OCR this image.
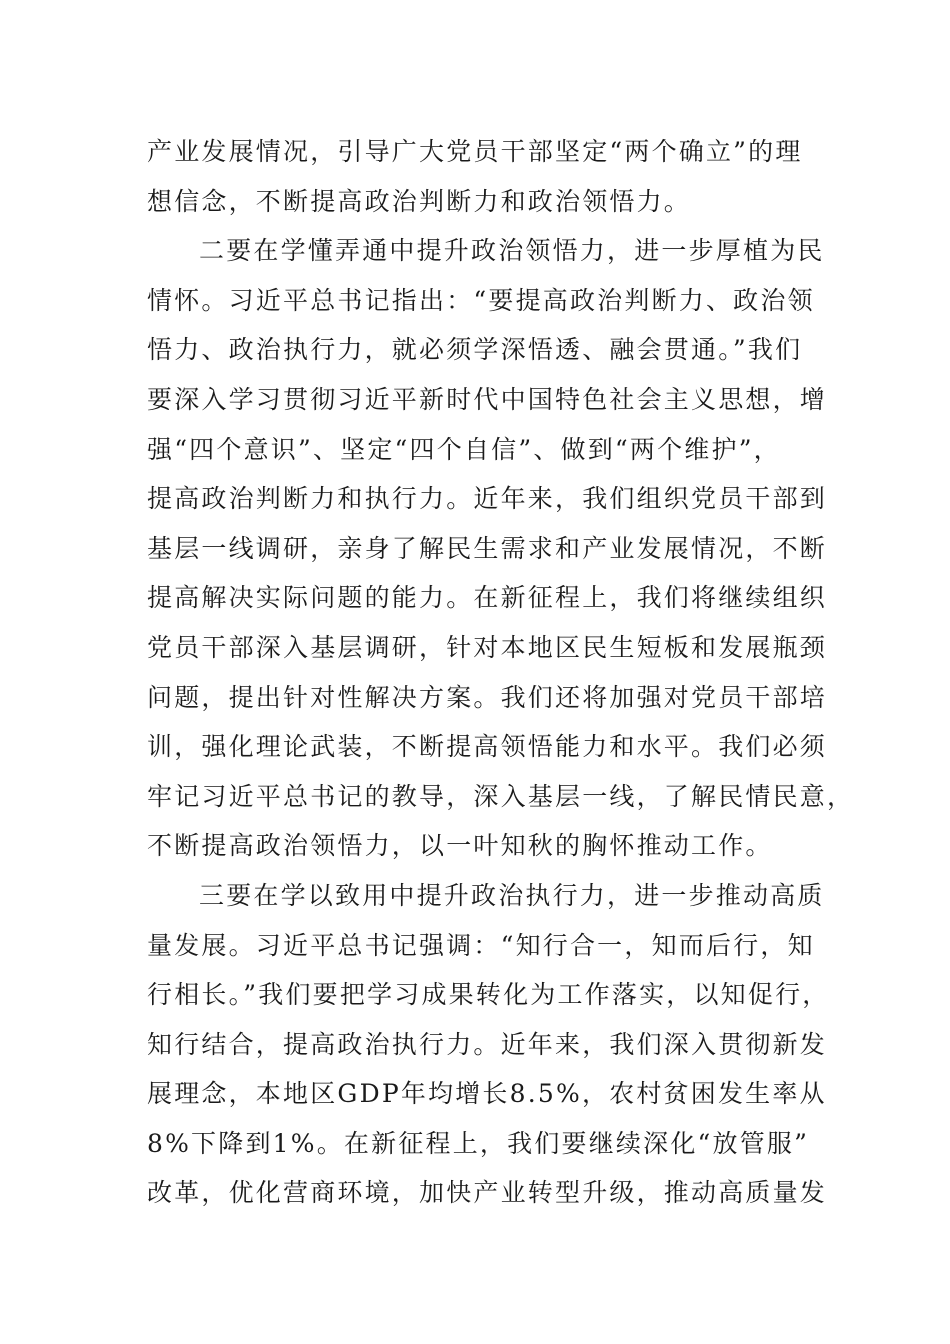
产业发展情况，引导广大党员干部坚定“两个确立”的理
想信念，不断提高政治判断力和政治领悟力。
二要在学懂弄通中提升政治领悟力，进一步厚植为民
情怀。习近平总书记指出：“要提高政治判断力、政治领
悟力、政治执行力，就必须学深悟透、融会贯通。”我们
要深入学习贯彻习近平新时代中国特色社会主义思想，增
强“四个意识”、坚定“四个自信”、做到“两个维护”，
提高政治判断力和执行力。近年来，我们组织党员干部到
基层一线调研，亲身了解民生需求和产业发展情况，不断
提高解决实际问题的能力。在新征程上，我们将继续组织
党员干部深入基层调研，针对本地区民生短板和发展瓶颈
问题，提出针对性解决方案。我们还将加强对党员干部培
训，强化理论武装，不断提高领悟能力和水平。我们必须
牢记习近平总书记的教导，深入基层一线，了解民情民意，
不断提高政治领悟力，以一叶知秋的胸怀推动工作。
三要在学以致用中提升政治执行力，进一步推动高质
量发展。习近平总书记强调：“知行合一，知而后行，知
行相长。”我们要把学习成果转化为工作落实，以知促行，
知行结合，提高政治执行力。近年来，我们深入贯彻新发
展理念，本地区GDP年均增长8.5%，农村贫困发生率从
8%下降到1%。在新征程上，我们要继续深化“放管服”
改革，优化营商环境，加快产业转型升级，推动高质量发
